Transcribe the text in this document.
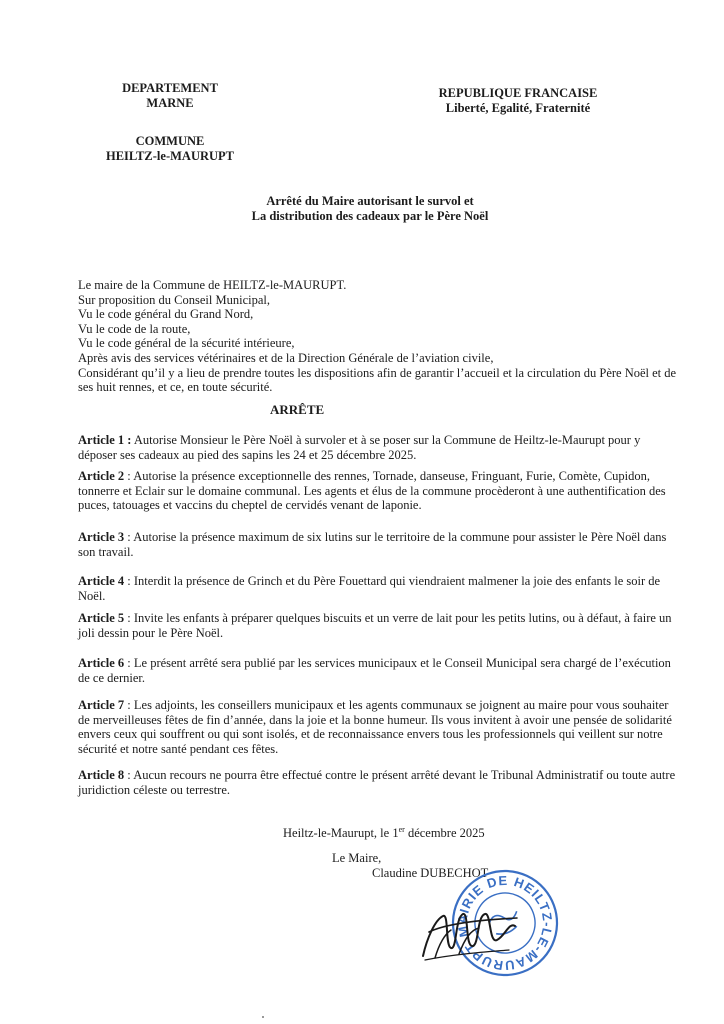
DEPARTEMENT
MARNE
COMMUNE
HEILTZ-le-MAURUPT
REPUBLIQUE FRANCAISE
Liberté, Egalité, Fraternité
Arrêté du Maire autorisant le survol et
La distribution des cadeaux par le Père Noël
Le maire de la Commune de HEILTZ-le-MAURUPT.
Sur proposition du Conseil Municipal,
Vu le code général du Grand Nord,
Vu le code de la route,
Vu le code général de la sécurité intérieure,
Après avis des services vétérinaires et de la Direction Générale de l’aviation civile,
Considérant qu’il y a lieu de prendre toutes les dispositions afin de garantir l’accueil et la circulation du Père Noël et de ses huit rennes, et ce, en toute sécurité.
ARRÊTE
Article 1 : Autorise Monsieur le Père Noël à survoler et à se poser sur la Commune de Heiltz-le-Maurupt pour y déposer ses cadeaux au pied des sapins les 24 et 25 décembre 2025.
Article 2 : Autorise la présence exceptionnelle des rennes, Tornade, danseuse, Fringuant, Furie, Comète, Cupidon, tonnerre et Eclair sur le domaine communal. Les agents et élus de la commune procèderont à une authentification des puces, tatouages et vaccins du cheptel de cervidés venant de laponie.
Article 3 : Autorise la présence maximum de six lutins sur le territoire de la commune pour assister le Père Noël dans son travail.
Article 4 : Interdit la présence de Grinch et du Père Fouettard qui viendraient malmener la joie des enfants le soir de Noël.
Article 5 : Invite les enfants à préparer quelques biscuits et un verre de lait pour les petits lutins, ou à défaut, à faire un joli dessin pour le Père Noël.
Article 6 : Le présent arrêté sera publié par les services municipaux et le Conseil Municipal sera chargé de l’exécution de ce dernier.
Article 7 : Les adjoints, les conseillers municipaux et les agents communaux se joignent au maire pour vous souhaiter de merveilleuses fêtes de fin d’année, dans la joie et la bonne humeur. Ils vous invitent à avoir une pensée de solidarité envers ceux qui souffrent ou qui sont isolés, et de reconnaissance envers tous les professionnels qui veillent sur notre sécurité et notre santé pendant ces fêtes.
Article 8 : Aucun recours ne pourra être effectué contre le présent arrêté devant le Tribunal Administratif ou toute autre juridiction céleste ou terrestre.
Heiltz-le-Maurupt, le 1er décembre 2025
Le Maire,
Claudine DUBECHOT
MAIRIE DE HEILTZ-LE-MAURUPT
